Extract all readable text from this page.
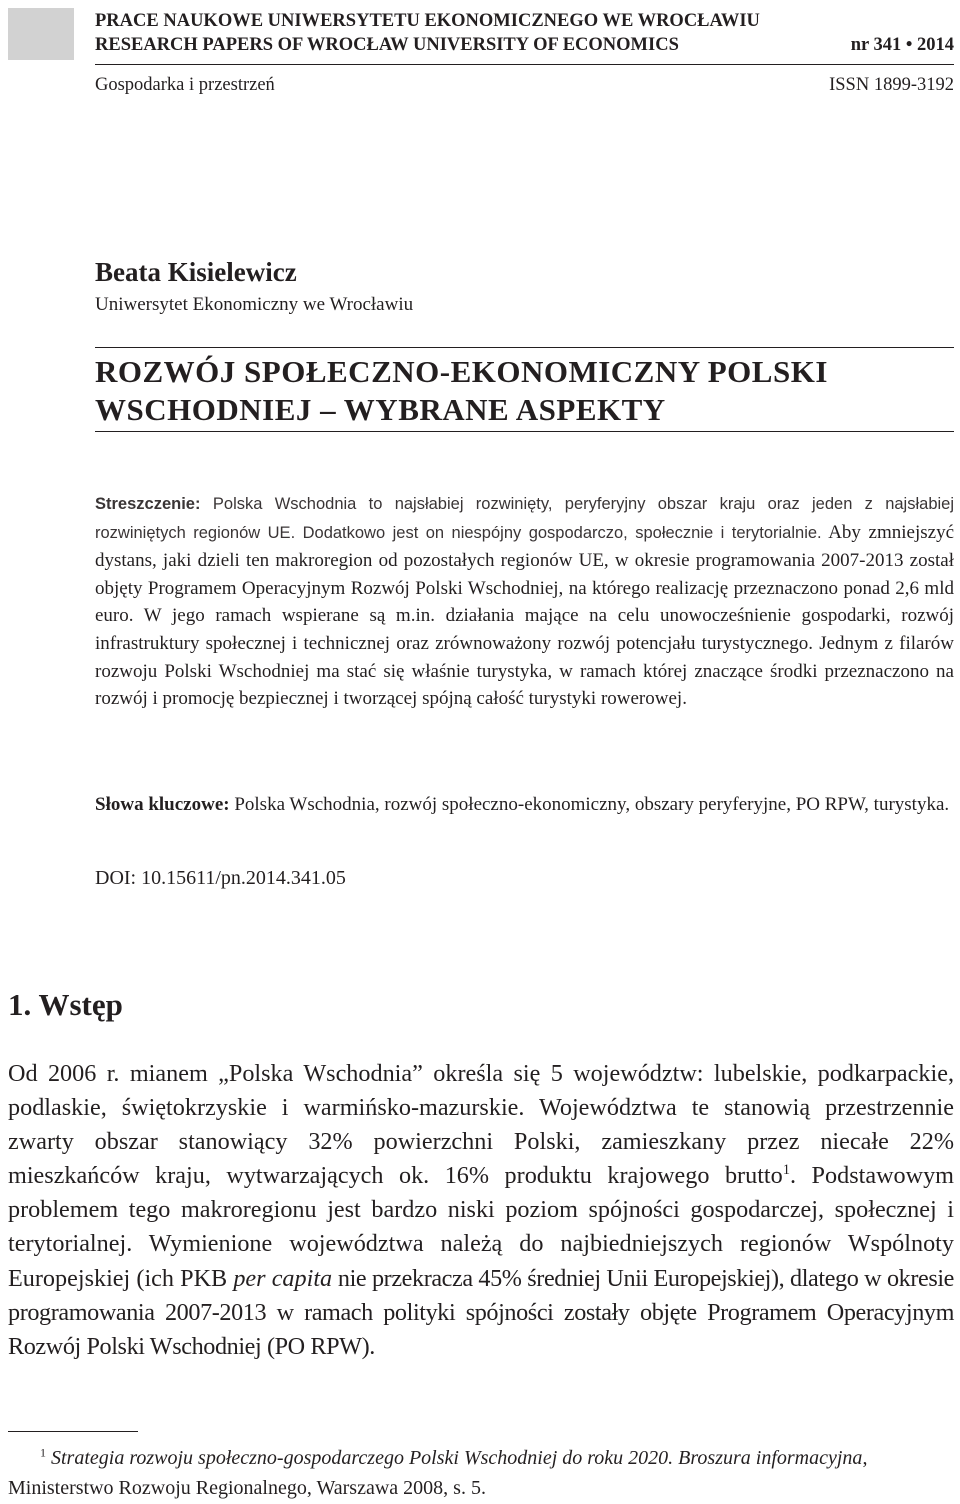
PRACE NAUKOWE UNIWERSYTETU EKONOMICZNEGO WE WROCŁAWIU
RESEARCH PAPERS OF WROCŁAW UNIVERSITY OF ECONOMICS	nr 341 • 2014
Gospodarka i przestrzeń	ISSN 1899-3192
Beata Kisielewicz
Uniwersytet Ekonomiczny we Wrocławiu
ROZWÓJ SPOŁECZNO-EKONOMICZNY POLSKI
WSCHODNIEJ – WYBRANE ASPEKTY

Streszczenie: Polska Wschodnia to najsłabiej rozwinięty, peryferyjny obszar kraju oraz jeden z najsłabiej rozwiniętych regionów UE. Dodatkowo jest on niespójny gospodarczo, społecznie i terytorialnie. Aby zmniejszyć dystans, jaki dzieli ten makroregion od pozostałych regionów UE, w okresie programowania 2007-2013 został objęty Programem Operacyjnym Rozwój Polski Wschodniej, na którego realizację przeznaczono ponad 2,6 mld euro. W jego ramach wspierane są m.in. działania mające na celu unowocześnienie gospodarki, rozwój infrastruktury społecznej i technicznej oraz zrównoważony rozwój potencjału turystycznego. Jednym z filarów rozwoju Polski Wschodniej ma stać się właśnie turystyka, w ramach której znaczące środki przeznaczono na rozwój i promocję bezpiecznej i tworzącej spójną całość turystyki rowerowej.

Słowa kluczowe: Polska Wschodnia, rozwój społeczno-ekonomiczny, obszary peryferyjne, PO RPW, turystyka.

DOI: 10.15611/pn.2014.341.05
1. Wstęp

Od 2006 r. mianem „Polska Wschodnia” określa się 5 województw: lubelskie, podkarpackie, podlaskie, świętokrzyskie i warmińsko-mazurskie. Województwa te stanowią przestrzennie zwarty obszar stanowiący 32% powierzchni Polski, zamieszkany przez niecałe 22% mieszkańców kraju, wytwarzających ok. 16% produktu krajowego brutto$^1$. Podstawowym problemem tego makroregionu jest bardzo niski poziom spójności gospodarczej, społecznej i terytorialnej. Wymienione województwa należą do najbiedniejszych regionów Wspólnoty Europejskiej (ich PKB per capita nie przekracza 45% średniej Unii Europejskiej), dlatego w okresie programowania 2007-2013 w ramach polityki spójności zostały objęte Programem Operacyjnym Rozwój Polski Wschodniej (PO RPW).

$^1$ Strategia rozwoju społeczno-gospodarczego Polski Wschodniej do roku 2020. Broszura informacyjna, Ministerstwo Rozwoju Regionalnego, Warszawa 2008, s. 5.
